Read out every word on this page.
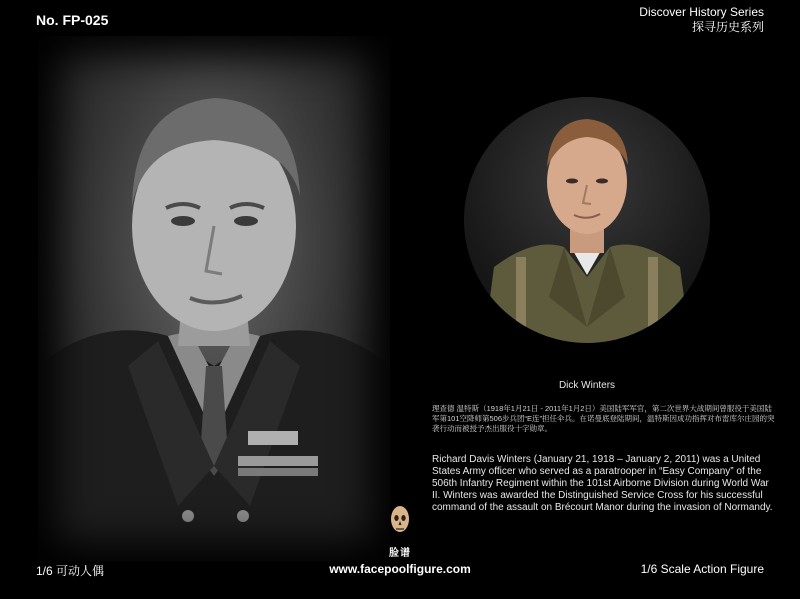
No. FP-025	Discover History Series
探寻历史系列
Dick Winters
理查德 温特斯（1918年1月21日 - 2011年1月2日）美国陆军军官，第二次世界大战期间曾服役于美国陆军第101空降师第506步兵团“E连”担任伞兵。在诺曼底登陆期间，温特斯因成功指挥对布雷库尔庄园的突袭行动而被授予杰出服役十字勋章。
Richard Davis Winters (January 21, 1918 – January 2, 2011) was a United States Army officer who served as a paratrooper in “Easy Company” of the 506th Infantry Regiment within the 101st Airborne Division during World War II. Winters was awarded the Distinguished Service Cross for his successful command of the assault on Brécourt Manor during the invasion of Normandy.
脸谱
1/6 可动人偶	www.facepoolfigure.com	1/6 Scale Action Figure
